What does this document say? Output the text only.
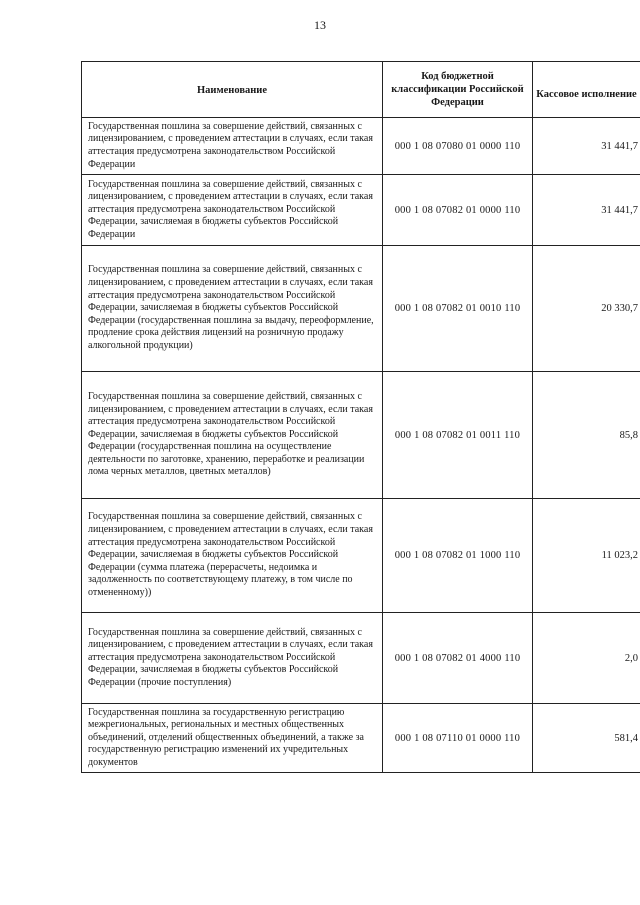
13
Наименование	Код бюджетной классификации Российской Федерации	Кассовое исполнение
Государственная пошлина за совершение действий, связанных с лицензированием, с проведением аттестации в случаях, если такая аттестация предусмотрена законодательством Российской Федерации	000 1 08 07080 01 0000 110	31 441,7
Государственная пошлина за совершение действий, связанных с лицензированием, с проведением аттестации в случаях, если такая аттестация предусмотрена законодательством Российской Федерации, зачисляемая в бюджеты субъектов Российской Федерации	000 1 08 07082 01 0000 110	31 441,7
Государственная пошлина за совершение действий, связанных с лицензированием, с проведением аттестации в случаях, если такая аттестация предусмотрена законодательством Российской Федерации, зачисляемая в бюджеты субъектов Российской Федерации (государственная пошлина за выдачу, переоформление, продление срока действия лицензий на розничную продажу алкогольной продукции)	000 1 08 07082 01 0010 110	20 330,7
Государственная пошлина за совершение действий, связанных с лицензированием, с проведением аттестации в случаях, если такая аттестация предусмотрена законодательством Российской Федерации, зачисляемая в бюджеты субъектов Российской Федерации (государственная пошлина на осуществление деятельности по заготовке, хранению, переработке и реализации лома черных металлов, цветных металлов)	000 1 08 07082 01 0011 110	85,8
Государственная пошлина за совершение действий, связанных с лицензированием, с проведением аттестации в случаях, если такая аттестация предусмотрена законодательством Российской Федерации, зачисляемая в бюджеты субъектов Российской Федерации (сумма платежа (перерасчеты, недоимка и задолженность по соответствующему платежу, в том числе по отмененному))	000 1 08 07082 01 1000 110	11 023,2
Государственная пошлина за совершение действий, связанных с лицензированием, с проведением аттестации в случаях, если такая аттестация предусмотрена законодательством Российской Федерации, зачисляемая в бюджеты субъектов Российской Федерации (прочие поступления)	000 1 08 07082 01 4000 110	2,0
Государственная пошлина за государственную регистрацию межрегиональных, региональных и местных общественных объединений, отделений общественных объединений, а также за государственную регистрацию изменений их учредительных документов	000 1 08 07110 01 0000 110	581,4
